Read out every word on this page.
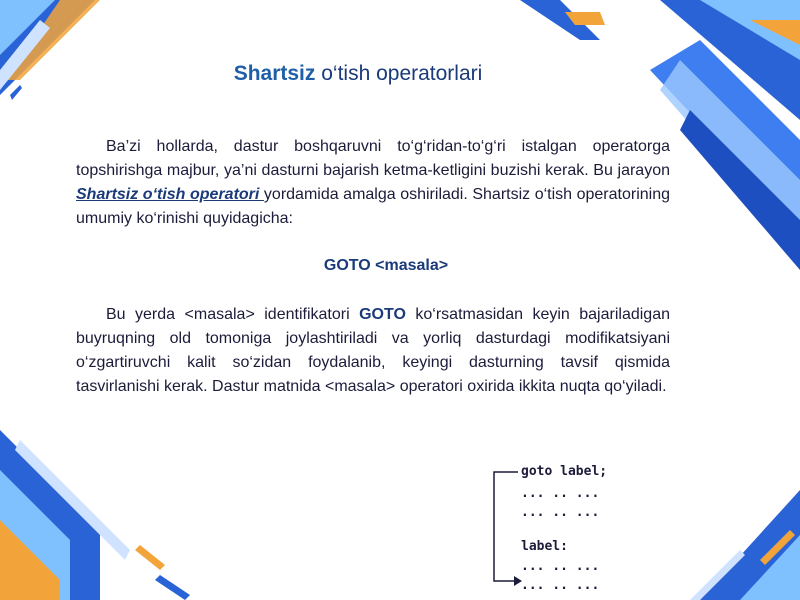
Shartsiz o‘tish operatorlari

Ba’zi hollarda, dastur boshqaruvni to‘g‘ridan-to‘g‘ri istalgan operatorga topshirishga majbur, ya’ni dasturni bajarish ketma-ketligini buzishi kerak. Bu jarayon Shartsiz o‘tish operatori yordamida amalga oshiriladi. Shartsiz o‘tish operatorining umumiy ko‘rinishi quyidagicha:

GOTO <masala>

Bu yerda <masala> identifikatori GOTO ko‘rsatmasidan keyin bajariladigan buyruqning old tomoniga joylashtiriladi va yorliq dasturdagi modifikatsiyani o‘zgartiruvchi kalit so‘zidan foydalanib, keyingi dasturning tavsif qismida tasvirlanishi kerak. Dastur matnida <masala> operatori oxirida ikkita nuqta qo‘yiladi.

goto label;
... .. ...
... .. ...
label:
... .. ...
... .. ...
